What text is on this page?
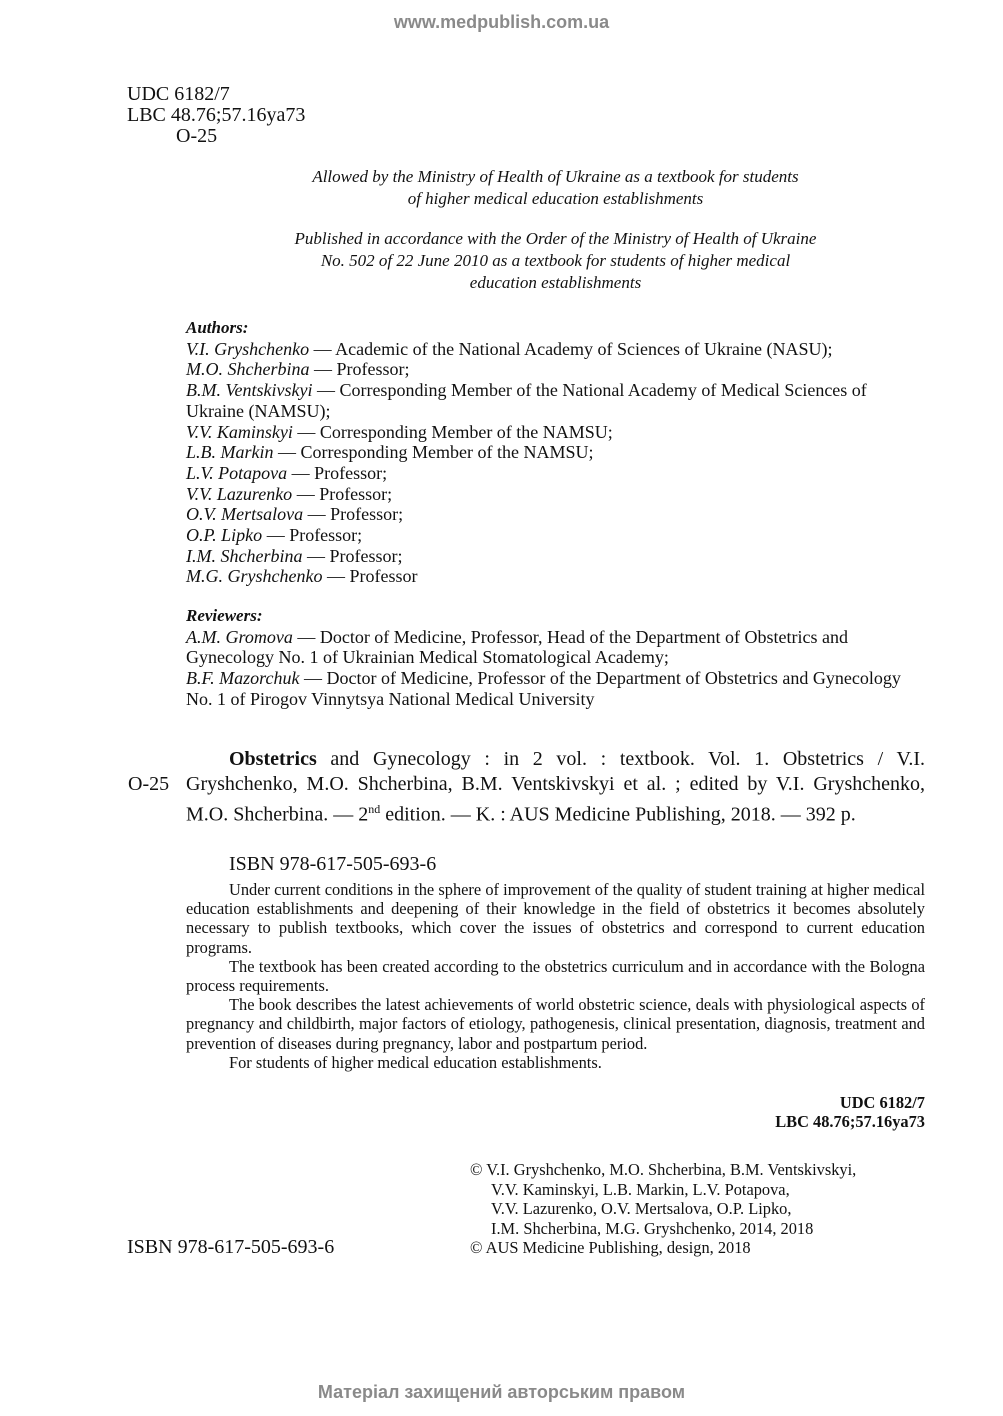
www.medpublish.com.ua
UDC 6182/7
LBC 48.76;57.16ya73
O-25
Allowed by the Ministry of Health of Ukraine as a textbook for students
of higher medical education establishments
Published in accordance with the Order of the Ministry of Health of Ukraine
No. 502 of 22 June 2010 as a textbook for students of higher medical
education establishments
Authors:
V.I. Gryshchenko — Academic of the National Academy of Sciences of Ukraine (NASU);
M.O. Shcherbina — Professor;
B.M. Ventskivskyi — Corresponding Member of the National Academy of Medical Sciences of Ukraine (NAMSU);
V.V. Kaminskyi — Corresponding Member of the NAMSU;
L.B. Markin — Corresponding Member of the NAMSU;
L.V. Potapova — Professor;
V.V. Lazurenko — Professor;
O.V. Mertsalova — Professor;
O.P. Lipko — Professor;
I.M. Shcherbina — Professor;
M.G. Gryshchenko — Professor
Reviewers:
A.M. Gromova — Doctor of Medicine, Professor, Head of the Department of Obstetrics and Gynecology No. 1 of Ukrainian Medical Stomatological Academy;
B.F. Mazorchuk — Doctor of Medicine, Professor of the Department of Obstetrics and Gynecology No. 1 of Pirogov Vinnytsya National Medical University
O-25
Obstetrics and Gynecology : in 2 vol. : textbook. Vol. 1. Obstetrics / V.I. Gryshchenko, M.O. Shcherbina, B.M. Ventskivskyi et al. ; edited by V.I. Gryshchenko, M.O. Shcherbina. — 2nd edition. — K. : AUS Medicine Publishing, 2018. — 392 p.
ISBN 978-617-505-693-6

Under current conditions in the sphere of improvement of the quality of student training at higher medical education establishments and deepening of their knowledge in the field of obstetrics it becomes absolutely necessary to publish textbooks, which cover the issues of obstetrics and correspond to current education programs.

The textbook has been created according to the obstetrics curriculum and in accordance with the Bologna process requirements.

The book describes the latest achievements of world obstetric science, deals with physiological aspects of pregnancy and childbirth, major factors of etiology, pathogenesis, clinical presentation, diagnosis, treatment and prevention of diseases during pregnancy, labor and postpartum period.

For students of higher medical education establishments.

UDC 6182/7
LBC 48.76;57.16ya73
© V.I. Gryshchenko, M.O. Shcherbina, B.M. Ventskivskyi,
V.V. Kaminskyi, L.B. Markin, L.V. Potapova,
V.V. Lazurenko, O.V. Mertsalova, O.P. Lipko,
I.M. Shcherbina, M.G. Gryshchenko, 2014, 2018
© AUS Medicine Publishing, design, 2018
ISBN 978-617-505-693-6
Матеріал захищений авторським правом
